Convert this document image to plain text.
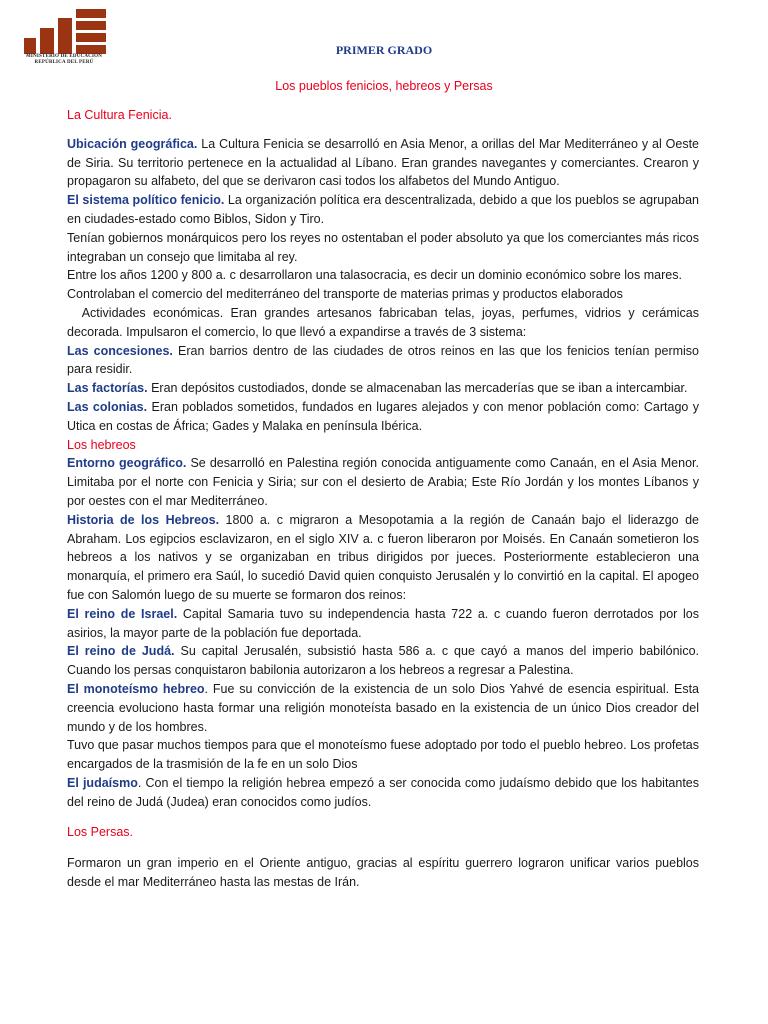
MINISTERIO DE EDUCACIÓN
REPÚBLICA DEL PERÚ
PRIMER GRADO
Los pueblos fenicios, hebreos y Persas

La Cultura Fenicia.

Ubicación geográfica. La Cultura Fenicia se desarrolló en Asia Menor, a orillas del Mar Mediterráneo y al Oeste de Siria. Su territorio pertenece en la actualidad al Líbano. Eran grandes navegantes y comerciantes. Crearon y propagaron su alfabeto, del que se derivaron casi todos los alfabetos del Mundo Antiguo.

El sistema político fenicio. La organización política era descentralizada, debido a que los pueblos se agrupaban en ciudades-estado como Biblos, Sidon y Tiro.

Tenían gobiernos monárquicos pero los reyes no ostentaban el poder absoluto ya que los comerciantes más ricos integraban un consejo que limitaba al rey.

Entre los años 1200 y 800 a. c desarrollaron una talasocracia, es decir un dominio económico sobre los mares.

Controlaban el comercio del mediterráneo del transporte de materias primas y productos elaborados

Actividades económicas. Eran grandes artesanos fabricaban telas, joyas, perfumes, vidrios y cerámicas decorada. Impulsaron el comercio, lo que llevó a expandirse a través de 3 sistema:

Las concesiones. Eran barrios dentro de las ciudades de otros reinos en las que los fenicios tenían permiso para residir.

Las factorías. Eran depósitos custodiados, donde se almacenaban las mercaderías que se iban a intercambiar.

Las colonias. Eran poblados sometidos, fundados en lugares alejados y con menor población como: Cartago y Utica en costas de África; Gades y Malaka en península Ibérica.

Los hebreos

Entorno geográfico. Se desarrolló en Palestina región conocida antiguamente como Canaán, en el Asia Menor. Limitaba por el norte con Fenicia y Siria; sur con el desierto de Arabia; Este Río Jordán y los montes Líbanos y por oestes con el mar Mediterráneo.

Historia de los Hebreos. 1800 a. c migraron a Mesopotamia a la región de Canaán bajo el liderazgo de Abraham. Los egipcios esclavizaron, en el siglo XIV a. c fueron liberaron por Moisés. En Canaán sometieron los hebreos a los nativos y se organizaban en tribus dirigidos por jueces. Posteriormente establecieron una monarquía, el primero era Saúl, lo sucedió David quien conquisto Jerusalén y lo convirtió en la capital. El apogeo fue con Salomón luego de su muerte se formaron dos reinos:

El reino de Israel. Capital Samaria tuvo su independencia hasta 722 a. c cuando fueron derrotados por los asirios, la mayor parte de la población fue deportada.

El reino de Judá. Su capital Jerusalén, subsistió hasta 586 a. c que cayó a manos del imperio babilónico. Cuando los persas conquistaron babilonia autorizaron a los hebreos a regresar a Palestina.

El monoteísmo hebreo. Fue su convicción de la existencia de un solo Dios Yahvé de esencia espiritual. Esta creencia evoluciono hasta formar una religión monoteísta basado en la existencia de un único Dios creador del mundo y de los hombres.

Tuvo que pasar muchos tiempos para que el monoteísmo fuese adoptado por todo el pueblo hebreo. Los profetas encargados de la trasmisión de la fe en un solo Dios

El judaísmo. Con el tiempo la religión hebrea empezó a ser conocida como judaísmo debido que los habitantes del reino de Judá (Judea) eran conocidos como judíos.

Los Persas.

Formaron un gran imperio en el Oriente antiguo, gracias al espíritu guerrero lograron unificar varios pueblos desde el mar Mediterráneo hasta las mestas de Irán.
